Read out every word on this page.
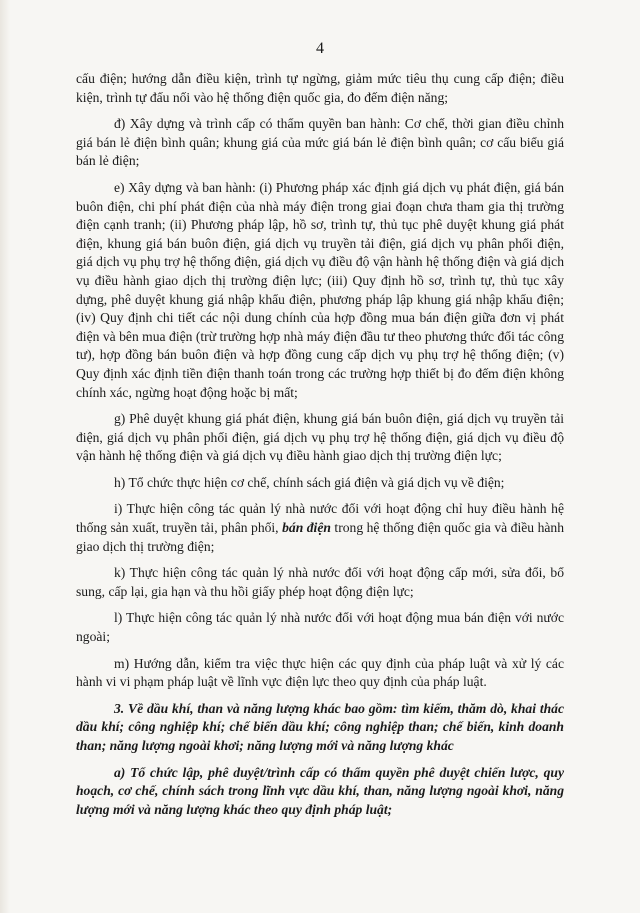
4

cấu điện; hướng dẫn điều kiện, trình tự ngừng, giảm mức tiêu thụ cung cấp điện; điều kiện, trình tự đấu nối vào hệ thống điện quốc gia, đo đếm điện năng;

đ) Xây dựng và trình cấp có thẩm quyền ban hành: Cơ chế, thời gian điều chỉnh giá bán lẻ điện bình quân; khung giá của mức giá bán lẻ điện bình quân; cơ cấu biểu giá bán lẻ điện;

e) Xây dựng và ban hành: (i) Phương pháp xác định giá dịch vụ phát điện, giá bán buôn điện, chi phí phát điện của nhà máy điện trong giai đoạn chưa tham gia thị trường điện cạnh tranh; (ii) Phương pháp lập, hồ sơ, trình tự, thủ tục phê duyệt khung giá phát điện, khung giá bán buôn điện, giá dịch vụ truyền tải điện, giá dịch vụ phân phối điện, giá dịch vụ phụ trợ hệ thống điện, giá dịch vụ điều độ vận hành hệ thống điện và giá dịch vụ điều hành giao dịch thị trường điện lực; (iii) Quy định hồ sơ, trình tự, thủ tục xây dựng, phê duyệt khung giá nhập khẩu điện, phương pháp lập khung giá nhập khẩu điện; (iv) Quy định chi tiết các nội dung chính của hợp đồng mua bán điện giữa đơn vị phát điện và bên mua điện (trừ trường hợp nhà máy điện đầu tư theo phương thức đối tác công tư), hợp đồng bán buôn điện và hợp đồng cung cấp dịch vụ phụ trợ hệ thống điện; (v) Quy định xác định tiền điện thanh toán trong các trường hợp thiết bị đo đếm điện không chính xác, ngừng hoạt động hoặc bị mất;

g) Phê duyệt khung giá phát điện, khung giá bán buôn điện, giá dịch vụ truyền tải điện, giá dịch vụ phân phối điện, giá dịch vụ phụ trợ hệ thống điện, giá dịch vụ điều độ vận hành hệ thống điện và giá dịch vụ điều hành giao dịch thị trường điện lực;

h) Tổ chức thực hiện cơ chế, chính sách giá điện và giá dịch vụ về điện;

i) Thực hiện công tác quản lý nhà nước đối với hoạt động chỉ huy điều hành hệ thống sản xuất, truyền tải, phân phối, bán điện trong hệ thống điện quốc gia và điều hành giao dịch thị trường điện;

k) Thực hiện công tác quản lý nhà nước đối với hoạt động cấp mới, sửa đổi, bổ sung, cấp lại, gia hạn và thu hồi giấy phép hoạt động điện lực;

l) Thực hiện công tác quản lý nhà nước đối với hoạt động mua bán điện với nước ngoài;

m) Hướng dẫn, kiểm tra việc thực hiện các quy định của pháp luật và xử lý các hành vi vi phạm pháp luật về lĩnh vực điện lực theo quy định của pháp luật.

3. Về dầu khí, than và năng lượng khác bao gồm: tìm kiếm, thăm dò, khai thác dầu khí; công nghiệp khí; chế biến dầu khí; công nghiệp than; chế biến, kinh doanh than; năng lượng ngoài khơi; năng lượng mới và năng lượng khác

a) Tổ chức lập, phê duyệt/trình cấp có thẩm quyền phê duyệt chiến lược, quy hoạch, cơ chế, chính sách trong lĩnh vực dầu khí, than, năng lượng ngoài khơi, năng lượng mới và năng lượng khác theo quy định pháp luật;
